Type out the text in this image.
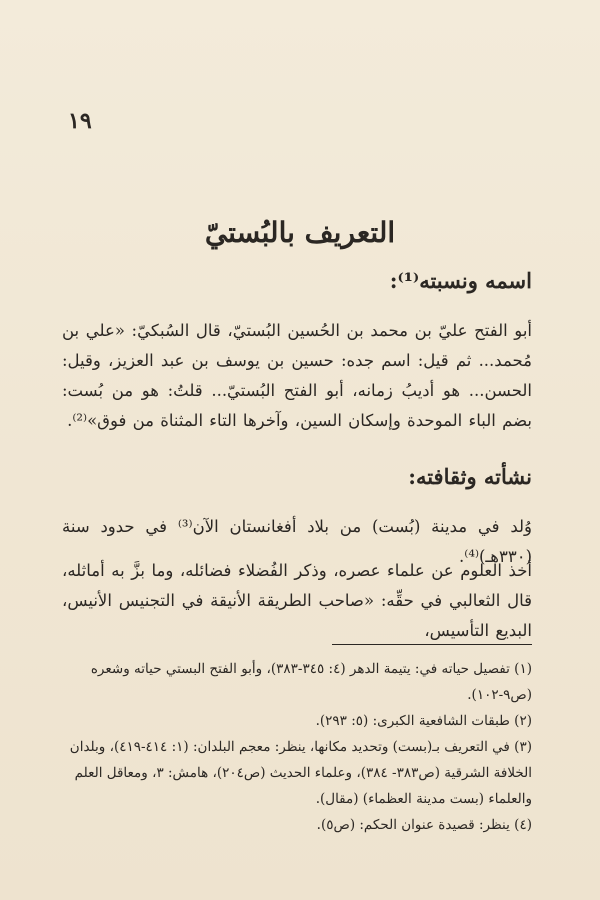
١٩
التعريف بالبُستيّ
اسمه ونسبته⁽¹⁾:

أبو الفتح عليّ بن محمد بن الحُسين البُستيّ، قال السُبكيّ: «علي بن مُحمد... ثم قيل: اسم جده: حسين بن يوسف بن عبد العزيز، وقيل: الحسن... هو أديبُ زمانه، أبو الفتح البُستيّ... قلتُ: هو من بُست: بضم الباء الموحدة وإسكان السين، وآخرها التاء المثناة من فوق»⁽²⁾.

نشأته وثقافته:

وُلد في مدينة (بُست) من بلاد أفغانستان الآن⁽³⁾ في حدود سنة (٣٣٠هـ)⁽⁴⁾.

أخذ العلوم عن علماء عصره، وذكر الفُضلاء فضائله، وما بزَّ به أماثله، قال الثعالبي في حقِّه: «صاحب الطريقة الأنيقة في التجنيس الأنيس، البديع التأسيس،

(١) تفصيل حياته في: يتيمة الدهر (٤: ٣٤٥-٣٨٣)، وأبو الفتح البستي حياته وشعره (ص٩-١٠٢).
(٢) طبقات الشافعية الكبرى: (٥: ٢٩٣).
(٣) في التعريف بـ(بست) وتحديد مكانها، ينظر: معجم البلدان: (١: ٤١٤-٤١٩)، وبلدان الخلافة الشرقية (ص٣٨٣- ٣٨٤)، وعلماء الحديث (ص٢٠٤)، هامش: ٣، ومعاقل العلم والعلماء (بست مدينة العظماء) (مقال).
(٤) ينظر: قصيدة عنوان الحكم: (ص٥).
